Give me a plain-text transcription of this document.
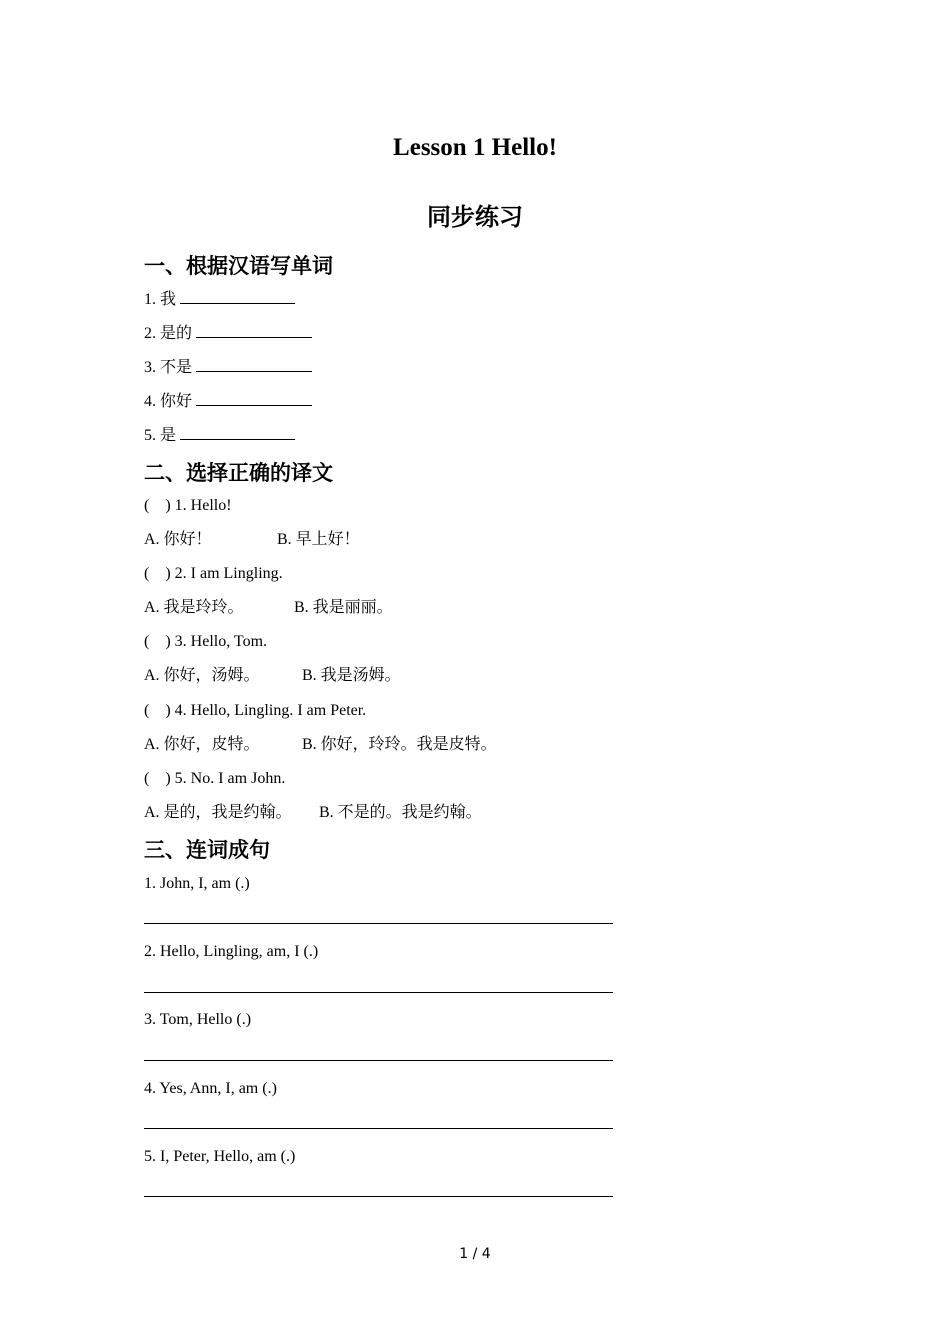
Lesson 1 Hello!
同步练习
一、根据汉语写单词
1. 我
2. 是的
3. 不是
4. 你好
5. 是
二、选择正确的译文
(    ) 1. Hello!
A. 你好！	B. 早上好！
(    ) 2. I am Lingling.
A. 我是玲玲。	B. 我是丽丽。
(    ) 3. Hello, Tom.
A. 你好，汤姆。	B. 我是汤姆。
(    ) 4. Hello, Lingling. I am Peter.
A. 你好，皮特。	B. 你好，玲玲。我是皮特。
(    ) 5. No. I am John.
A. 是的，我是约翰。 B. 不是的。我是约翰。
三、连词成句
1. John, I, am (.)
2. Hello, Lingling, am, I (.)
3. Tom, Hello (.)
4. Yes, Ann, I, am (.)
5. I, Peter, Hello, am (.)
1 / 4
